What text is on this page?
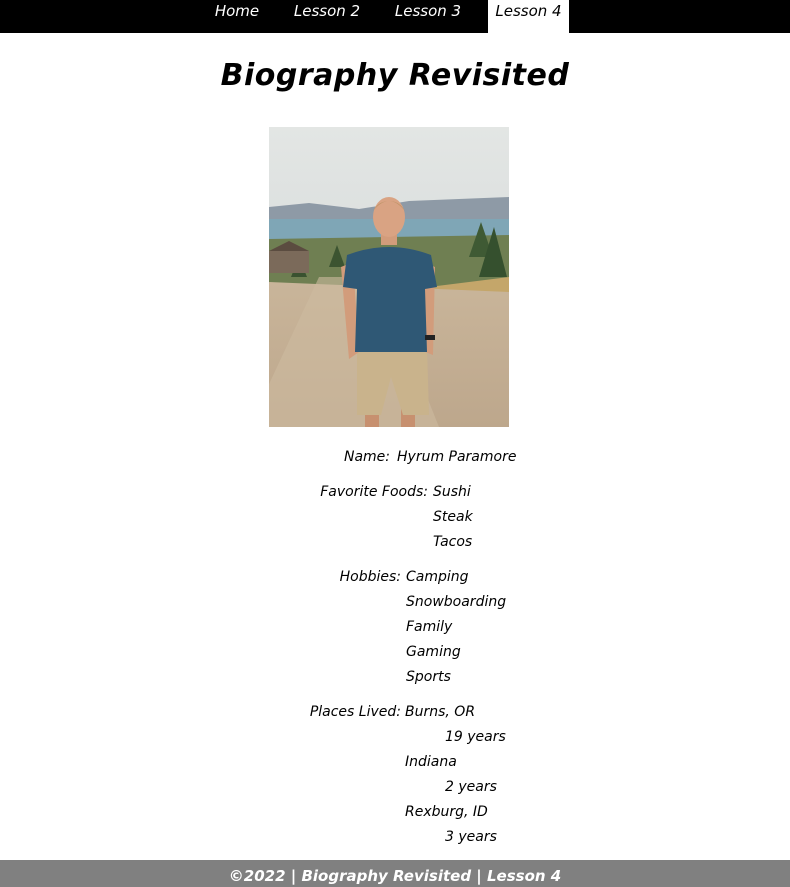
Home	Lesson 2	Lesson 3	Lesson 4
Biography Revisited
Name: Hyrum Paramore
Favorite Foods: Sushi
Steak
Tacos
Hobbies: Camping
Snowboarding
Family
Gaming
Sports
Places Lived: Burns, OR
19 years
Indiana
2 years
Rexburg, ID
3 years
©2022 | Biography Revisited | Lesson 4
